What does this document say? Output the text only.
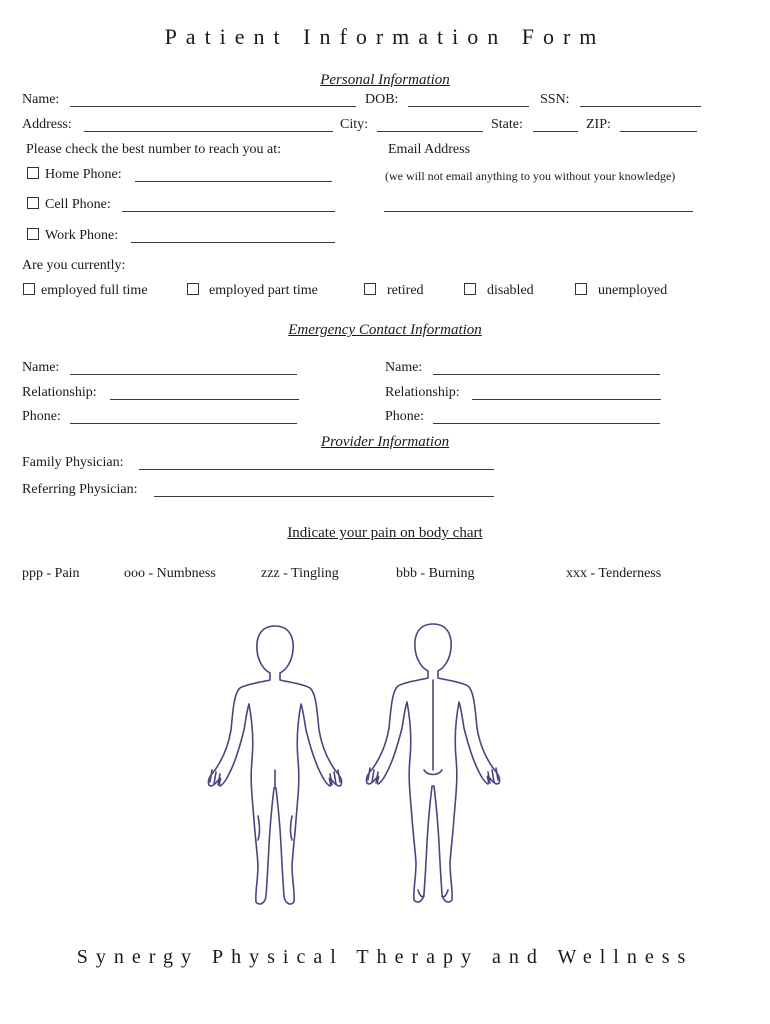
Patient Information Form
Personal Information
Name:	DOB:	SSN:
Address:	City:	State:	ZIP:
Please check the best number to reach you at:	Email Address
Home Phone:	(we will not email anything to you without your knowledge)
Cell Phone:
Work Phone:
Are you currently:
employed full time	employed part time	retired	disabled	unemployed
Emergency Contact Information
Name:	Name:
Relationship:	Relationship:
Phone:	Phone:
Provider Information
Family Physician:
Referring Physician:
Indicate your pain on body chart
ppp - Pain	ooo - Numbness	zzz - Tingling	bbb - Burning	xxx - Tenderness
Synergy Physical Therapy and Wellness
